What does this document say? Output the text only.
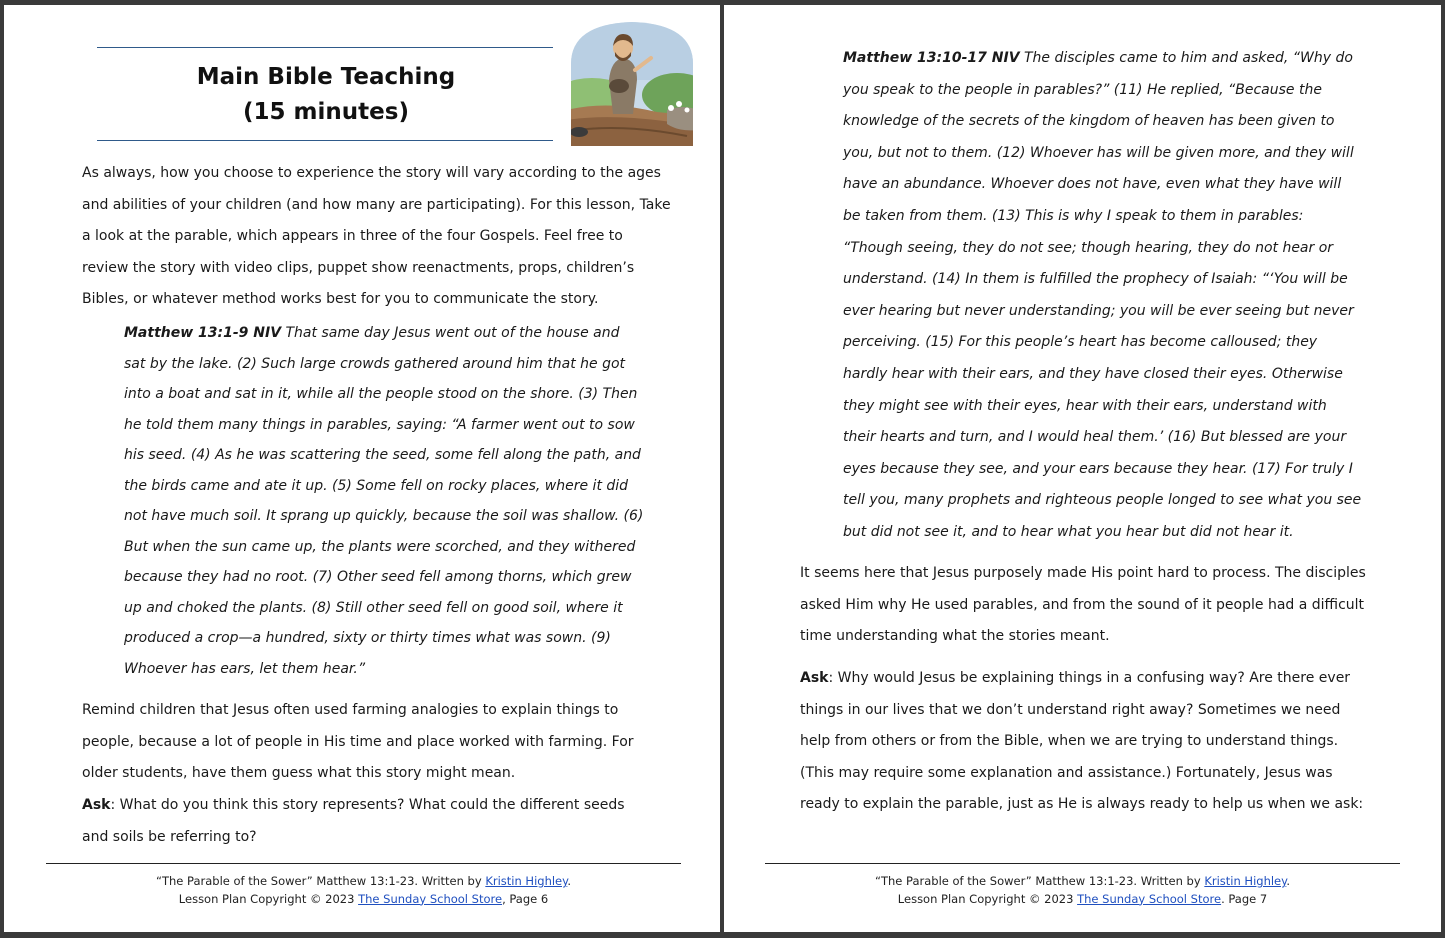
Main Bible Teaching
(15 minutes)

As always, how you choose to experience the story will vary according to the ages and abilities of your children (and how many are participating). For this lesson, Take a look at the parable, which appears in three of the four Gospels. Feel free to review the story with video clips, puppet show reenactments, props, children’s Bibles, or whatever method works best for you to communicate the story.

Matthew 13:1-9 NIV That same day Jesus went out of the house and sat by the lake. (2) Such large crowds gathered around him that he got into a boat and sat in it, while all the people stood on the shore. (3) Then he told them many things in parables, saying: “A farmer went out to sow his seed. (4) As he was scattering the seed, some fell along the path, and the birds came and ate it up. (5) Some fell on rocky places, where it did not have much soil. It sprang up quickly, because the soil was shallow. (6) But when the sun came up, the plants were scorched, and they withered because they had no root. (7) Other seed fell among thorns, which grew up and choked the plants. (8) Still other seed fell on good soil, where it produced a crop—a hundred, sixty or thirty times what was sown. (9) Whoever has ears, let them hear.”

Remind children that Jesus often used farming analogies to explain things to people, because a lot of people in His time and place worked with farming. For older students, have them guess what this story might mean.

Ask: What do you think this story represents? What could the different seeds and soils be referring to?

“The Parable of the Sower” Matthew 13:1-23. Written by Kristin Highley.
Lesson Plan Copyright © 2023 The Sunday School Store, Page 6

Matthew 13:10-17 NIV The disciples came to him and asked, “Why do you speak to the people in parables?” (11) He replied, “Because the knowledge of the secrets of the kingdom of heaven has been given to you, but not to them. (12) Whoever has will be given more, and they will have an abundance. Whoever does not have, even what they have will be taken from them. (13) This is why I speak to them in parables: “Though seeing, they do not see; though hearing, they do not hear or understand. (14) In them is fulfilled the prophecy of Isaiah: “‘You will be ever hearing but never understanding; you will be ever seeing but never perceiving. (15) For this people’s heart has become calloused; they hardly hear with their ears, and they have closed their eyes. Otherwise they might see with their eyes, hear with their ears, understand with their hearts and turn, and I would heal them.’ (16) But blessed are your eyes because they see, and your ears because they hear. (17) For truly I tell you, many prophets and righteous people longed to see what you see but did not see it, and to hear what you hear but did not hear it.

It seems here that Jesus purposely made His point hard to process. The disciples asked Him why He used parables, and from the sound of it people had a difficult time understanding what the stories meant.

Ask: Why would Jesus be explaining things in a confusing way? Are there ever things in our lives that we don’t understand right away? Sometimes we need help from others or from the Bible, when we are trying to understand things. (This may require some explanation and assistance.) Fortunately, Jesus was ready to explain the parable, just as He is always ready to help us when we ask:

“The Parable of the Sower” Matthew 13:1-23. Written by Kristin Highley.
Lesson Plan Copyright © 2023 The Sunday School Store. Page 7
